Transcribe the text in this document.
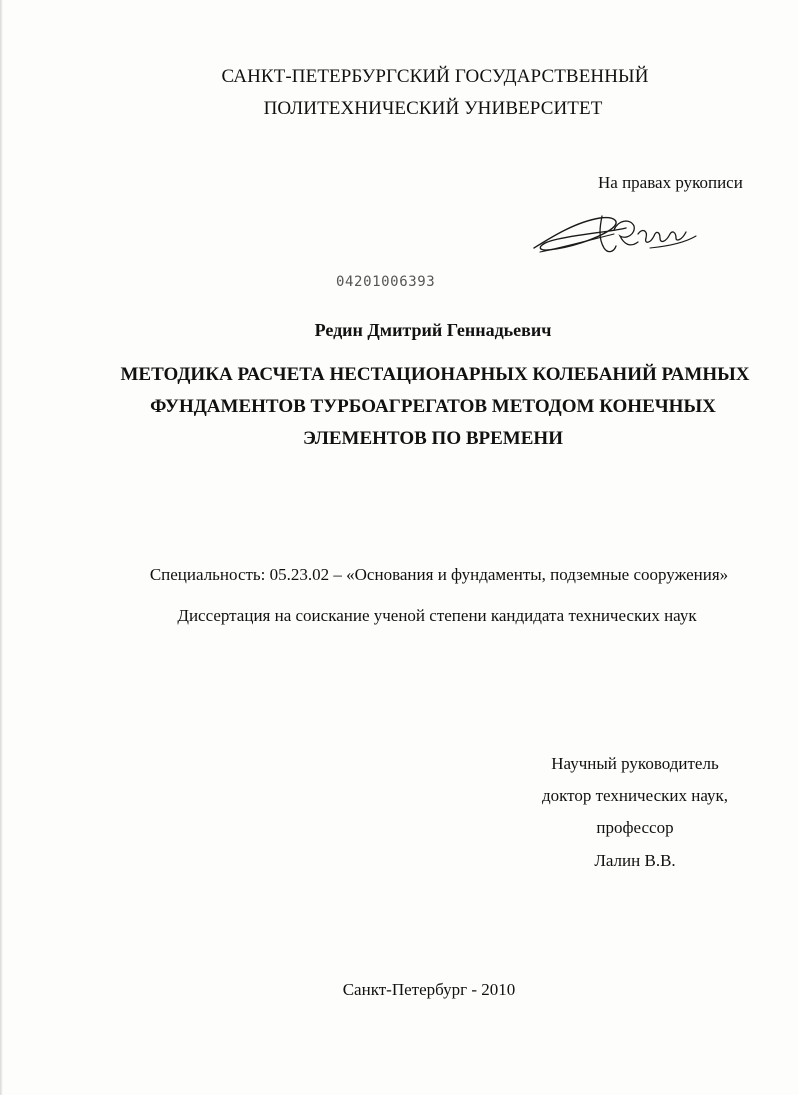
САНКТ-ПЕТЕРБУРГСКИЙ ГОСУДАРСТВЕННЫЙ
ПОЛИТЕХНИЧЕСКИЙ УНИВЕРСИТЕТ
На правах рукописи
04201006393
Редин Дмитрий Геннадьевич
МЕТОДИКА РАСЧЕТА НЕСТАЦИОНАРНЫХ КОЛЕБАНИЙ РАМНЫХ
ФУНДАМЕНТОВ ТУРБОАГРЕГАТОВ МЕТОДОМ КОНЕЧНЫХ
ЭЛЕМЕНТОВ ПО ВРЕМЕНИ
Специальность: 05.23.02 – «Основания и фундаменты, подземные сооружения»
Диссертация на соискание ученой степени кандидата технических наук
Научный руководитель
доктор технических наук,
профессор
Лалин В.В.
Санкт-Петербург - 2010
